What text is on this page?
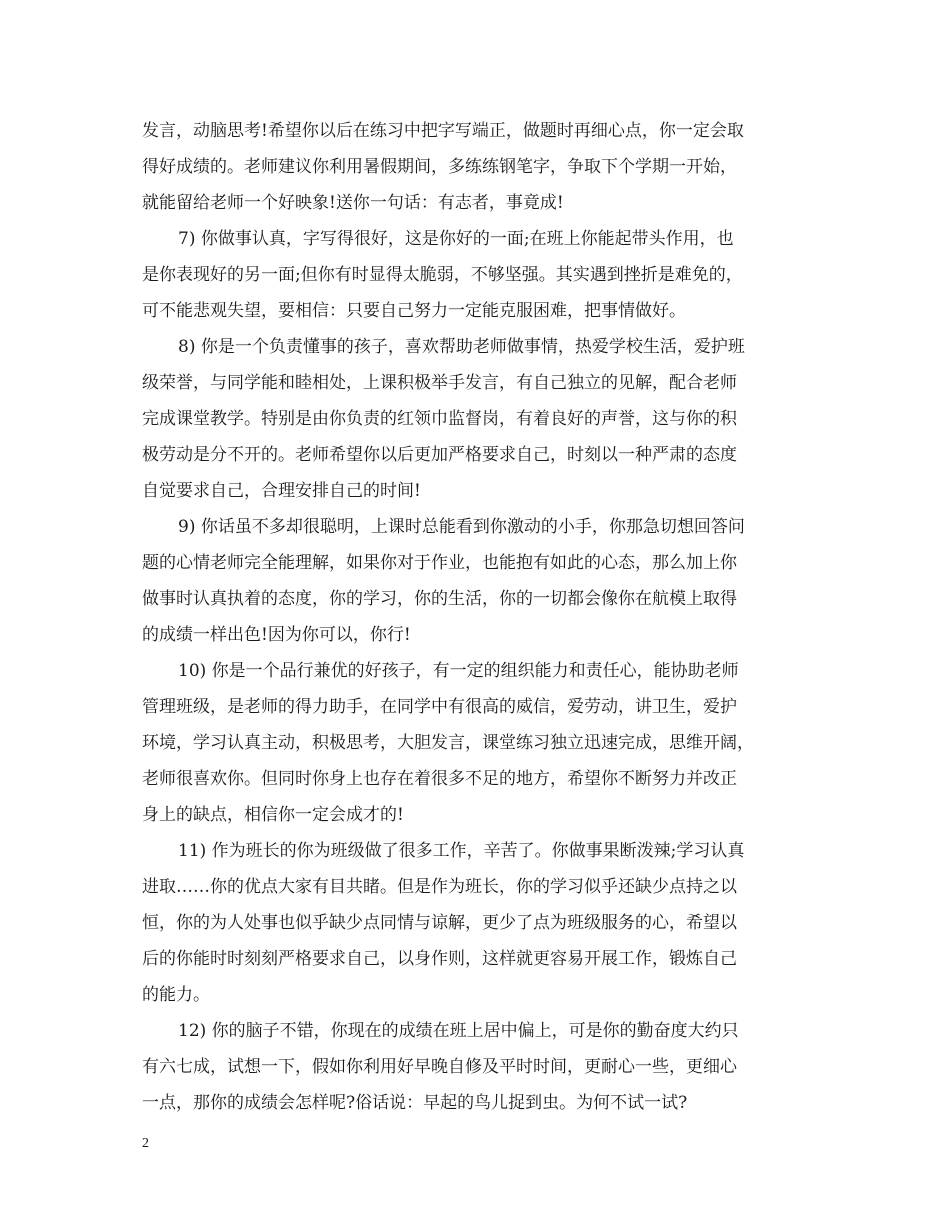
发言，动脑思考!希望你以后在练习中把字写端正，做题时再细心点，你一定会取
得好成绩的。老师建议你利用暑假期间，多练练钢笔字，争取下个学期一开始，
就能留给老师一个好映象!送你一句话：有志者，事竟成!
7) 你做事认真，字写得很好，这是你好的一面;在班上你能起带头作用，也
是你表现好的另一面;但你有时显得太脆弱，不够坚强。其实遇到挫折是难免的，
可不能悲观失望，要相信：只要自己努力一定能克服困难，把事情做好。
8) 你是一个负责懂事的孩子，喜欢帮助老师做事情，热爱学校生活，爱护班
级荣誉，与同学能和睦相处，上课积极举手发言，有自己独立的见解，配合老师
完成课堂教学。特别是由你负责的红领巾监督岗，有着良好的声誉，这与你的积
极劳动是分不开的。老师希望你以后更加严格要求自己，时刻以一种严肃的态度
自觉要求自己，合理安排自己的时间!
9) 你话虽不多却很聪明，上课时总能看到你激动的小手，你那急切想回答问
题的心情老师完全能理解，如果你对于作业，也能抱有如此的心态，那么加上你
做事时认真执着的态度，你的学习，你的生活，你的一切都会像你在航模上取得
的成绩一样出色!因为你可以，你行!
10) 你是一个品行兼优的好孩子，有一定的组织能力和责任心，能协助老师
管理班级，是老师的得力助手，在同学中有很高的威信，爱劳动，讲卫生，爱护
环境，学习认真主动，积极思考，大胆发言，课堂练习独立迅速完成，思维开阔，
老师很喜欢你。但同时你身上也存在着很多不足的地方，希望你不断努力并改正
身上的缺点，相信你一定会成才的!
11) 作为班长的你为班级做了很多工作，辛苦了。你做事果断泼辣;学习认真
进取……你的优点大家有目共睹。但是作为班长，你的学习似乎还缺少点持之以
恒，你的为人处事也似乎缺少点同情与谅解，更少了点为班级服务的心，希望以
后的你能时时刻刻严格要求自己，以身作则，这样就更容易开展工作，锻炼自己
的能力。
12) 你的脑子不错，你现在的成绩在班上居中偏上，可是你的勤奋度大约只
有六七成，试想一下，假如你利用好早晚自修及平时时间，更耐心一些，更细心
一点，那你的成绩会怎样呢?俗话说：早起的鸟儿捉到虫。为何不试一试?
2
